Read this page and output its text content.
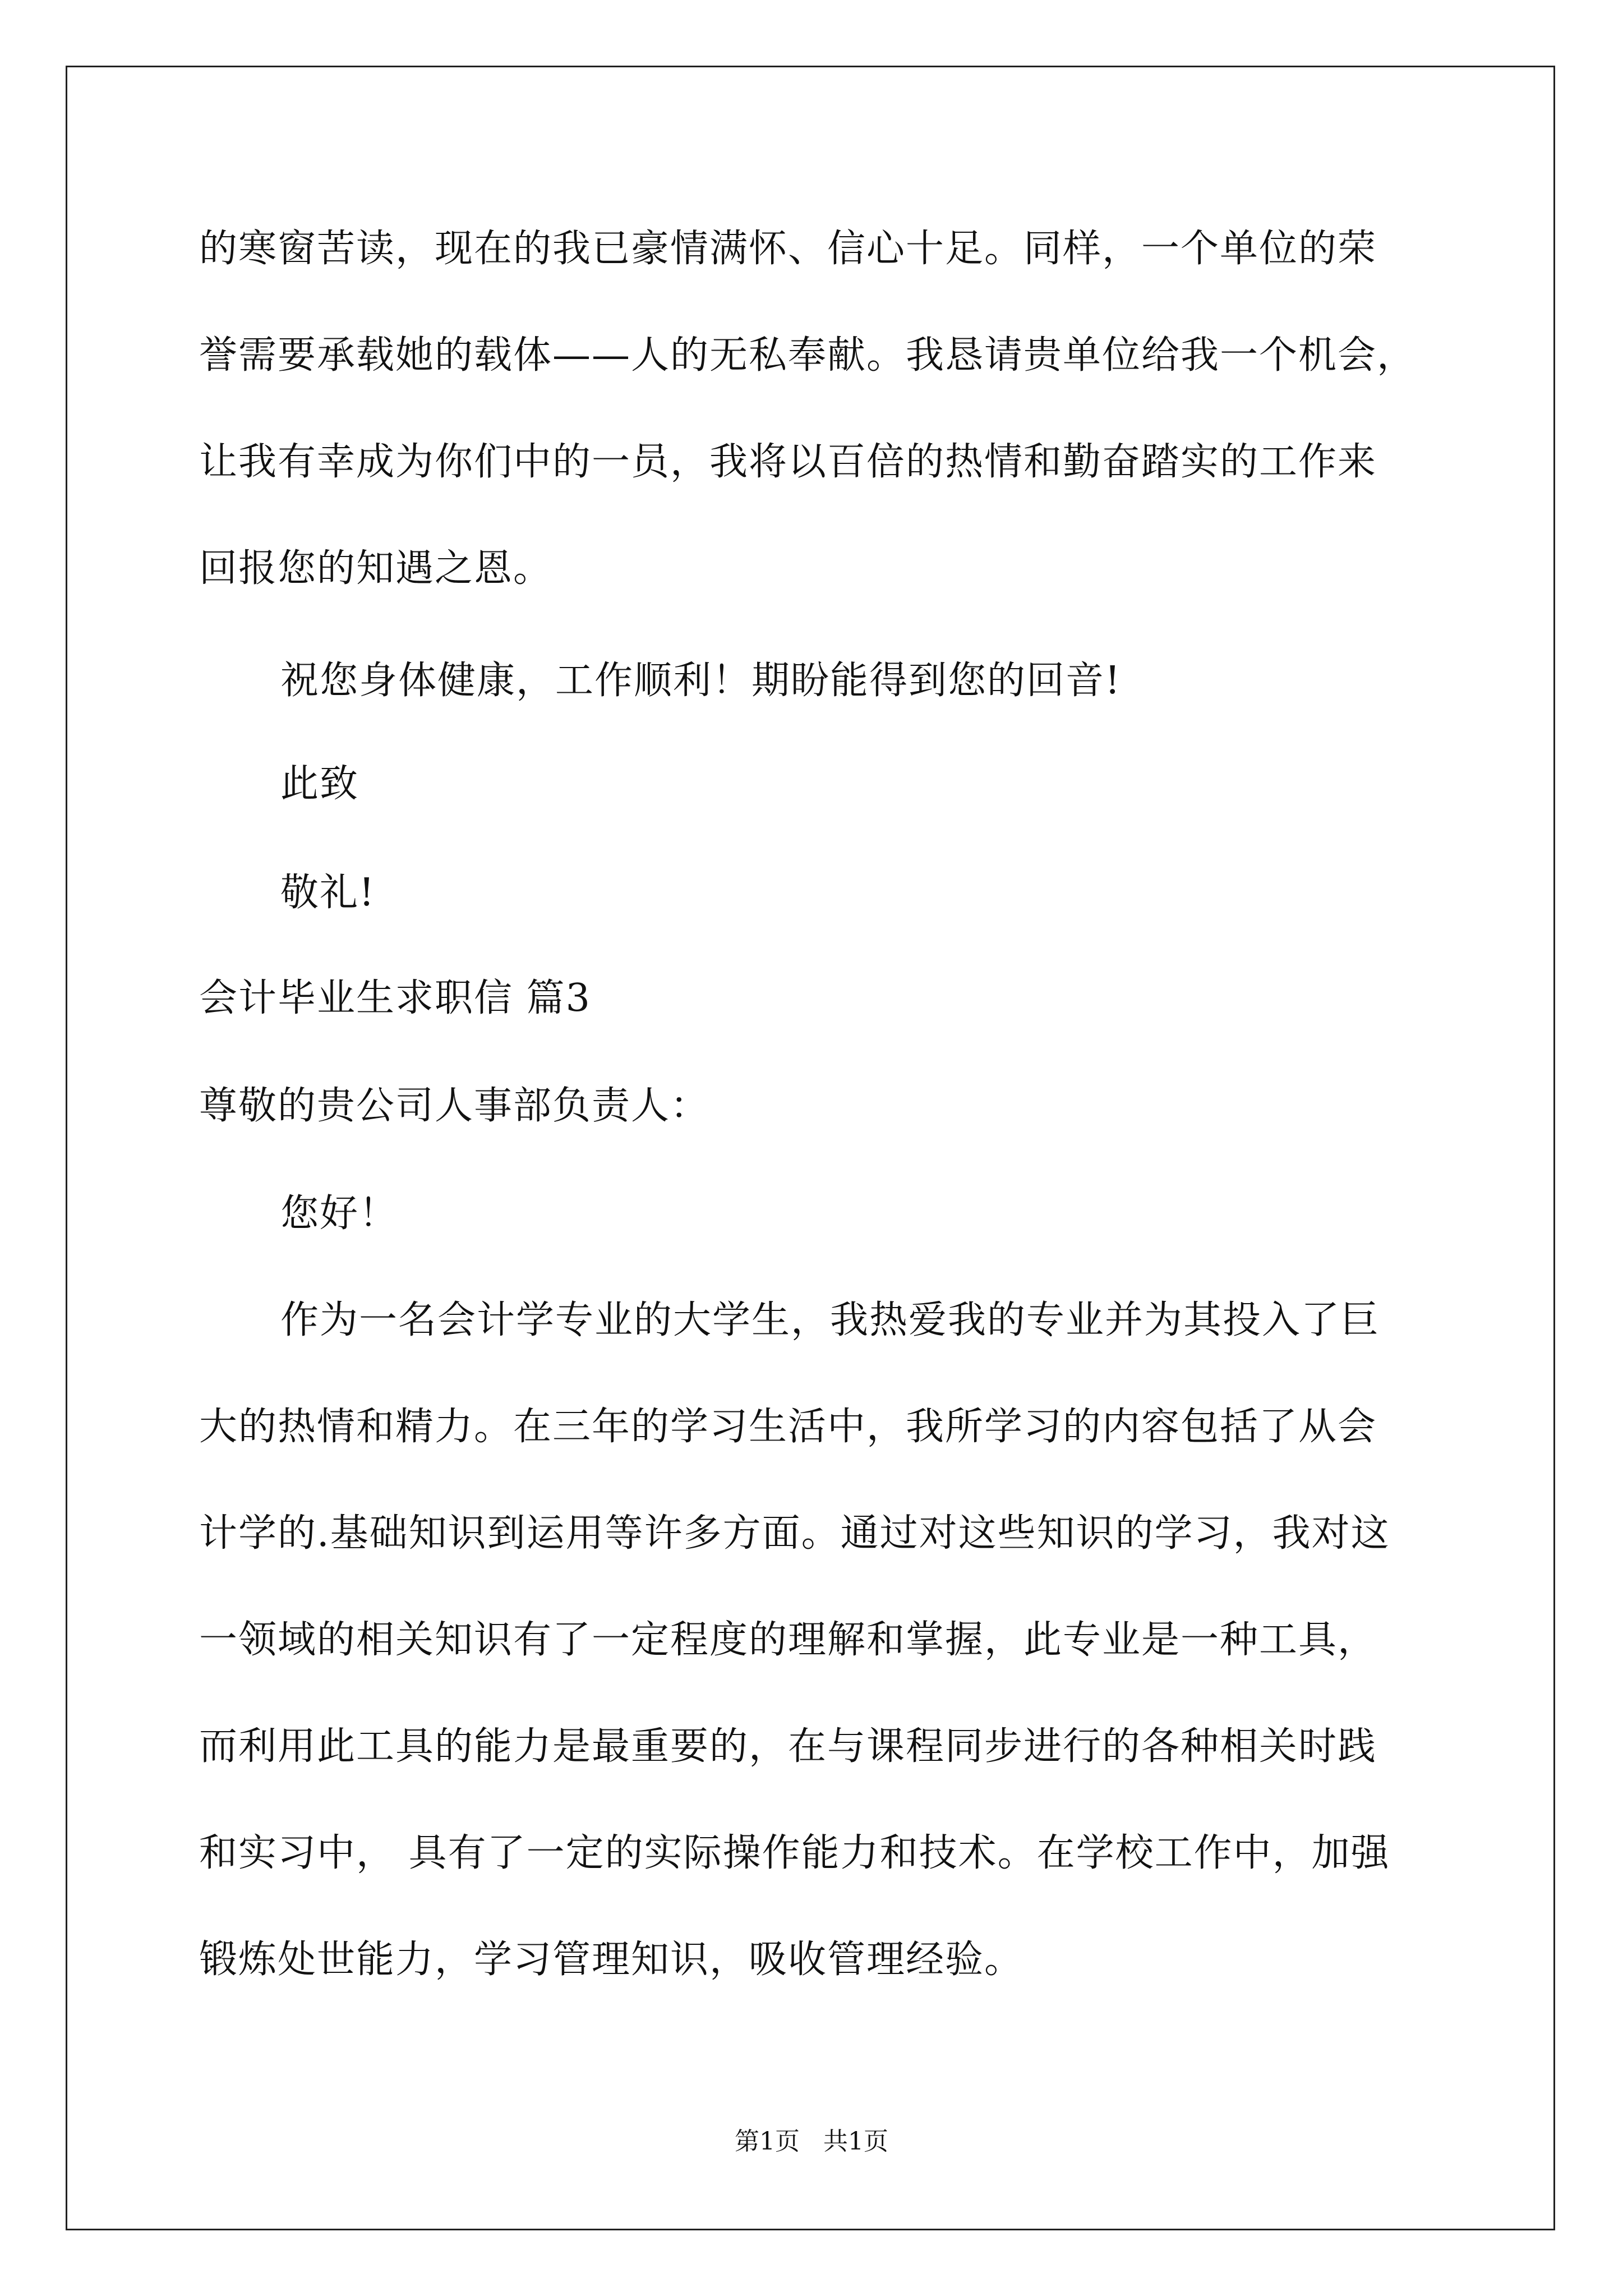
的寒窗苦读，现在的我已豪情满怀、信心十足。同样，一个单位的荣
誉需要承载她的载体——人的无私奉献。我恳请贵单位给我一个机会，
让我有幸成为你们中的一员，我将以百倍的热情和勤奋踏实的工作来
回报您的知遇之恩。
祝您身体健康，工作顺利！期盼能得到您的回音!
此致
敬礼!
会计毕业生求职信 篇3
尊敬的贵公司人事部负责人：
您好！
作为一名会计学专业的大学生，我热爱我的专业并为其投入了巨
大的热情和精力。在三年的学习生活中，我所学习的内容包括了从会
计学的.基础知识到运用等许多方面。通过对这些知识的学习，我对这
一领域的相关知识有了一定程度的理解和掌握，此专业是一种工具，
而利用此工具的能力是最重要的，在与课程同步进行的各种相关时践
和实习中， 具有了一定的实际操作能力和技术。在学校工作中，加强
锻炼处世能力，学习管理知识，吸收管理经验。
第1页   共1页
